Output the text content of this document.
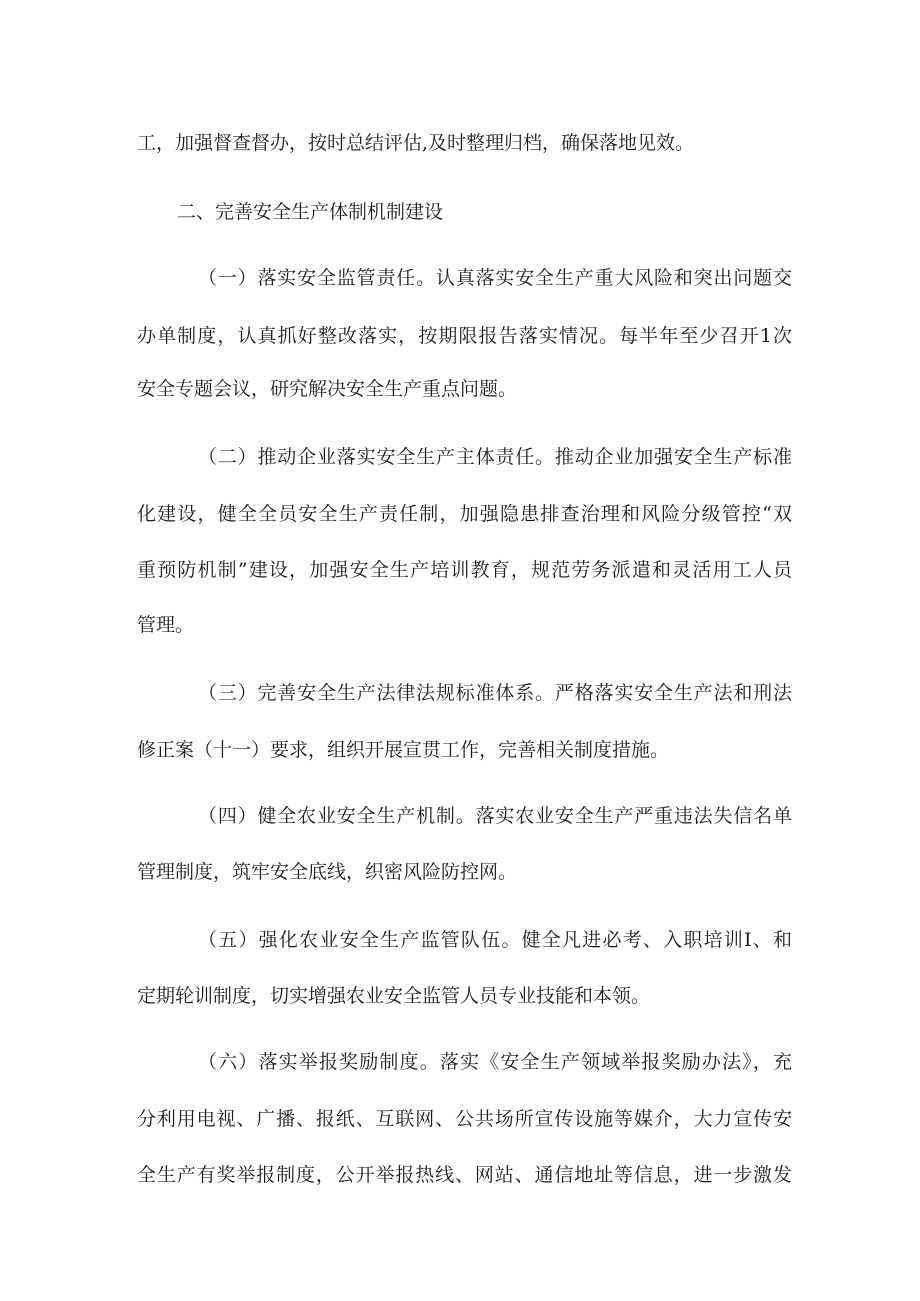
工，加强督查督办，按时总结评估,及时整理归档，确保落地见效。
二、完善安全生产体制机制建设
（一）落实安全监管责任。认真落实安全生产重大风险和突出问题交
办单制度，认真抓好整改落实，按期限报告落实情况。每半年至少召开1次
安全专题会议，研究解决安全生产重点问题。
（二）推动企业落实安全生产主体责任。推动企业加强安全生产标准
化建设，健全全员安全生产责任制，加强隐患排查治理和风险分级管控“双
重预防机制”建设，加强安全生产培训教育，规范劳务派遣和灵活用工人员
管理。
（三）完善安全生产法律法规标准体系。严格落实安全生产法和刑法
修正案（十一）要求，组织开展宣贯工作，完善相关制度措施。
（四）健全农业安全生产机制。落实农业安全生产严重违法失信名单
管理制度，筑牢安全底线，织密风险防控网。
（五）强化农业安全生产监管队伍。健全凡进必考、入职培训I、和
定期轮训制度，切实增强农业安全监管人员专业技能和本领。
（六）落实举报奖励制度。落实《安全生产领域举报奖励办法》，充
分利用电视、广播、报纸、互联网、公共场所宣传设施等媒介，大力宣传安
全生产有奖举报制度，公开举报热线、网站、通信地址等信息，进一步激发
